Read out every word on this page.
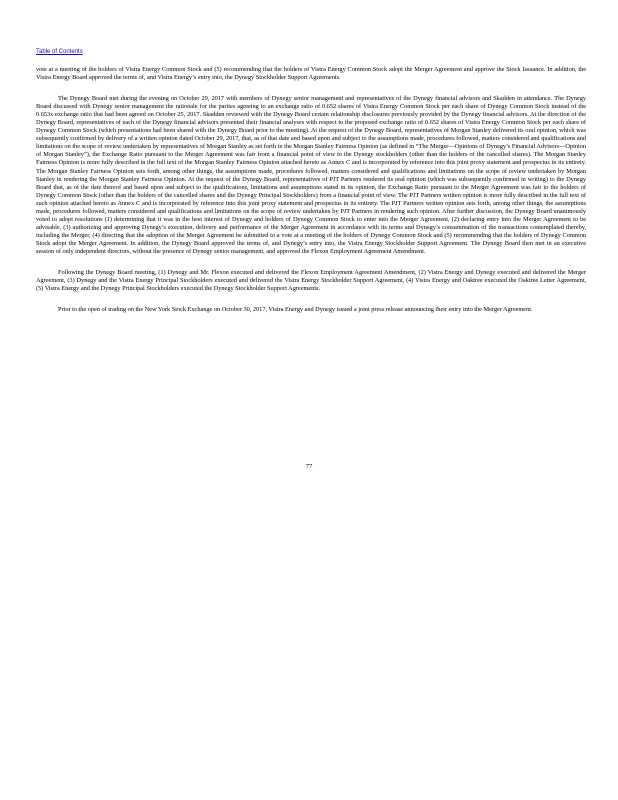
Table of Contents

vote at a meeting of the holders of Vistra Energy Common Stock and (5) recommending that the holders of Vistra Energy Common Stock adopt the Merger Agreement and approve the Stock Issuance. In addition, the Vistra Energy Board approved the terms of, and Vistra Energy’s entry into, the Dynegy Stockholder Support Agreements.

The Dynegy Board met during the evening on October 29, 2017 with members of Dynegy senior management and representatives of the Dynegy financial advisors and Skadden in attendance. The Dynegy Board discussed with Dynegy senior management the rationale for the parties agreeing to an exchange ratio of 0.652 shares of Vistra Energy Common Stock per each share of Dynegy Common Stock instead of the 0.653x exchange ratio that had been agreed on October 25, 2017. Skadden reviewed with the Dynegy Board certain relationship disclosures previously provided by the Dynegy financial advisors. At the direction of the Dynegy Board, representatives of each of the Dynegy financial advisors presented their financial analyses with respect to the proposed exchange ratio of 0.652 shares of Vistra Energy Common Stock per each share of Dynegy Common Stock (which presentations had been shared with the Dynegy Board prior to the meeting). At the request of the Dynegy Board, representatives of Morgan Stanley delivered its oral opinion, which was subsequently confirmed by delivery of a written opinion dated October 29, 2017, that, as of that date and based upon and subject to the assumptions made, procedures followed, matters considered and qualifications and limitations on the scope of review undertaken by representatives of Morgan Stanley as set forth in the Morgan Stanley Fairness Opinion (as defined in “The Merger—Opinions of Dynegy’s Financial Advisors—Opinion of Morgan Stanley”), the Exchange Ratio pursuant to the Merger Agreement was fair from a financial point of view to the Dynegy stockholders (other than the holders of the cancelled shares). The Morgan Stanley Fairness Opinion is more fully described in the full text of the Morgan Stanley Fairness Opinion attached hereto as Annex C and is incorporated by reference into this joint proxy statement and prospectus in its entirety. The Morgan Stanley Fairness Opinion sets forth, among other things, the assumptions made, procedures followed, matters considered and qualifications and limitations on the scope of review undertaken by Morgan Stanley in rendering the Morgan Stanley Fairness Opinion. At the request of the Dynegy Board, representatives of PJT Partners rendered its oral opinion (which was subsequently confirmed in writing) to the Dynegy Board that, as of the date thereof and based upon and subject to the qualifications, limitations and assumptions stated in its opinion, the Exchange Ratio pursuant to the Merger Agreement was fair to the holders of Dynegy Common Stock (other than the holders of the cancelled shares and the Dynegy Principal Stockholders) from a financial point of view. The PJT Partners written opinion is more fully described in the full text of such opinion attached hereto as Annex C and is incorporated by reference into this joint proxy statement and prospectus in its entirety. The PJT Partners written opinion sets forth, among other things, the assumptions made, procedures followed, matters considered and qualifications and limitations on the scope of review undertaken by PJT Partners in rendering such opinion. After further discussion, the Dynegy Board unanimously voted to adopt resolutions (1) determining that it was in the best interest of Dynegy and holders of Dynegy Common Stock to enter into the Merger Agreement, (2) declaring entry into the Merger Agreement to be advisable, (3) authorizing and approving Dynegy’s execution, delivery and performance of the Merger Agreement in accordance with its terms and Dynegy’s consummation of the transactions contemplated thereby, including the Merger, (4) directing that the adoption of the Merger Agreement be submitted to a vote at a meeting of the holders of Dynegy Common Stock and (5) recommending that the holders of Dynegy Common Stock adopt the Merger Agreement. In addition, the Dynegy Board approved the terms of, and Dynegy’s entry into, the Vistra Energy Stockholder Support Agreement. The Dynegy Board then met in an executive session of only independent directors, without the presence of Dynegy senior management, and approved the Flexon Employment Agreement Amendment.

Following the Dynegy Board meeting, (1) Dynegy and Mr. Flexon executed and delivered the Flexon Employment Agreement Amendment, (2) Vistra Energy and Dynegy executed and delivered the Merger Agreement, (3) Dynegy and the Vistra Energy Principal Stockholders executed and delivered the Vistra Energy Stockholder Support Agreement, (4) Vistra Energy and Oaktree executed the Oaktree Letter Agreement, (5) Vistra Energy and the Dynegy Principal Stockholders executed the Dynegy Stockholder Support Agreements.

Prior to the open of trading on the New York Stock Exchange on October 30, 2017, Vistra Energy and Dynegy issued a joint press release announcing their entry into the Merger Agreement.

77
